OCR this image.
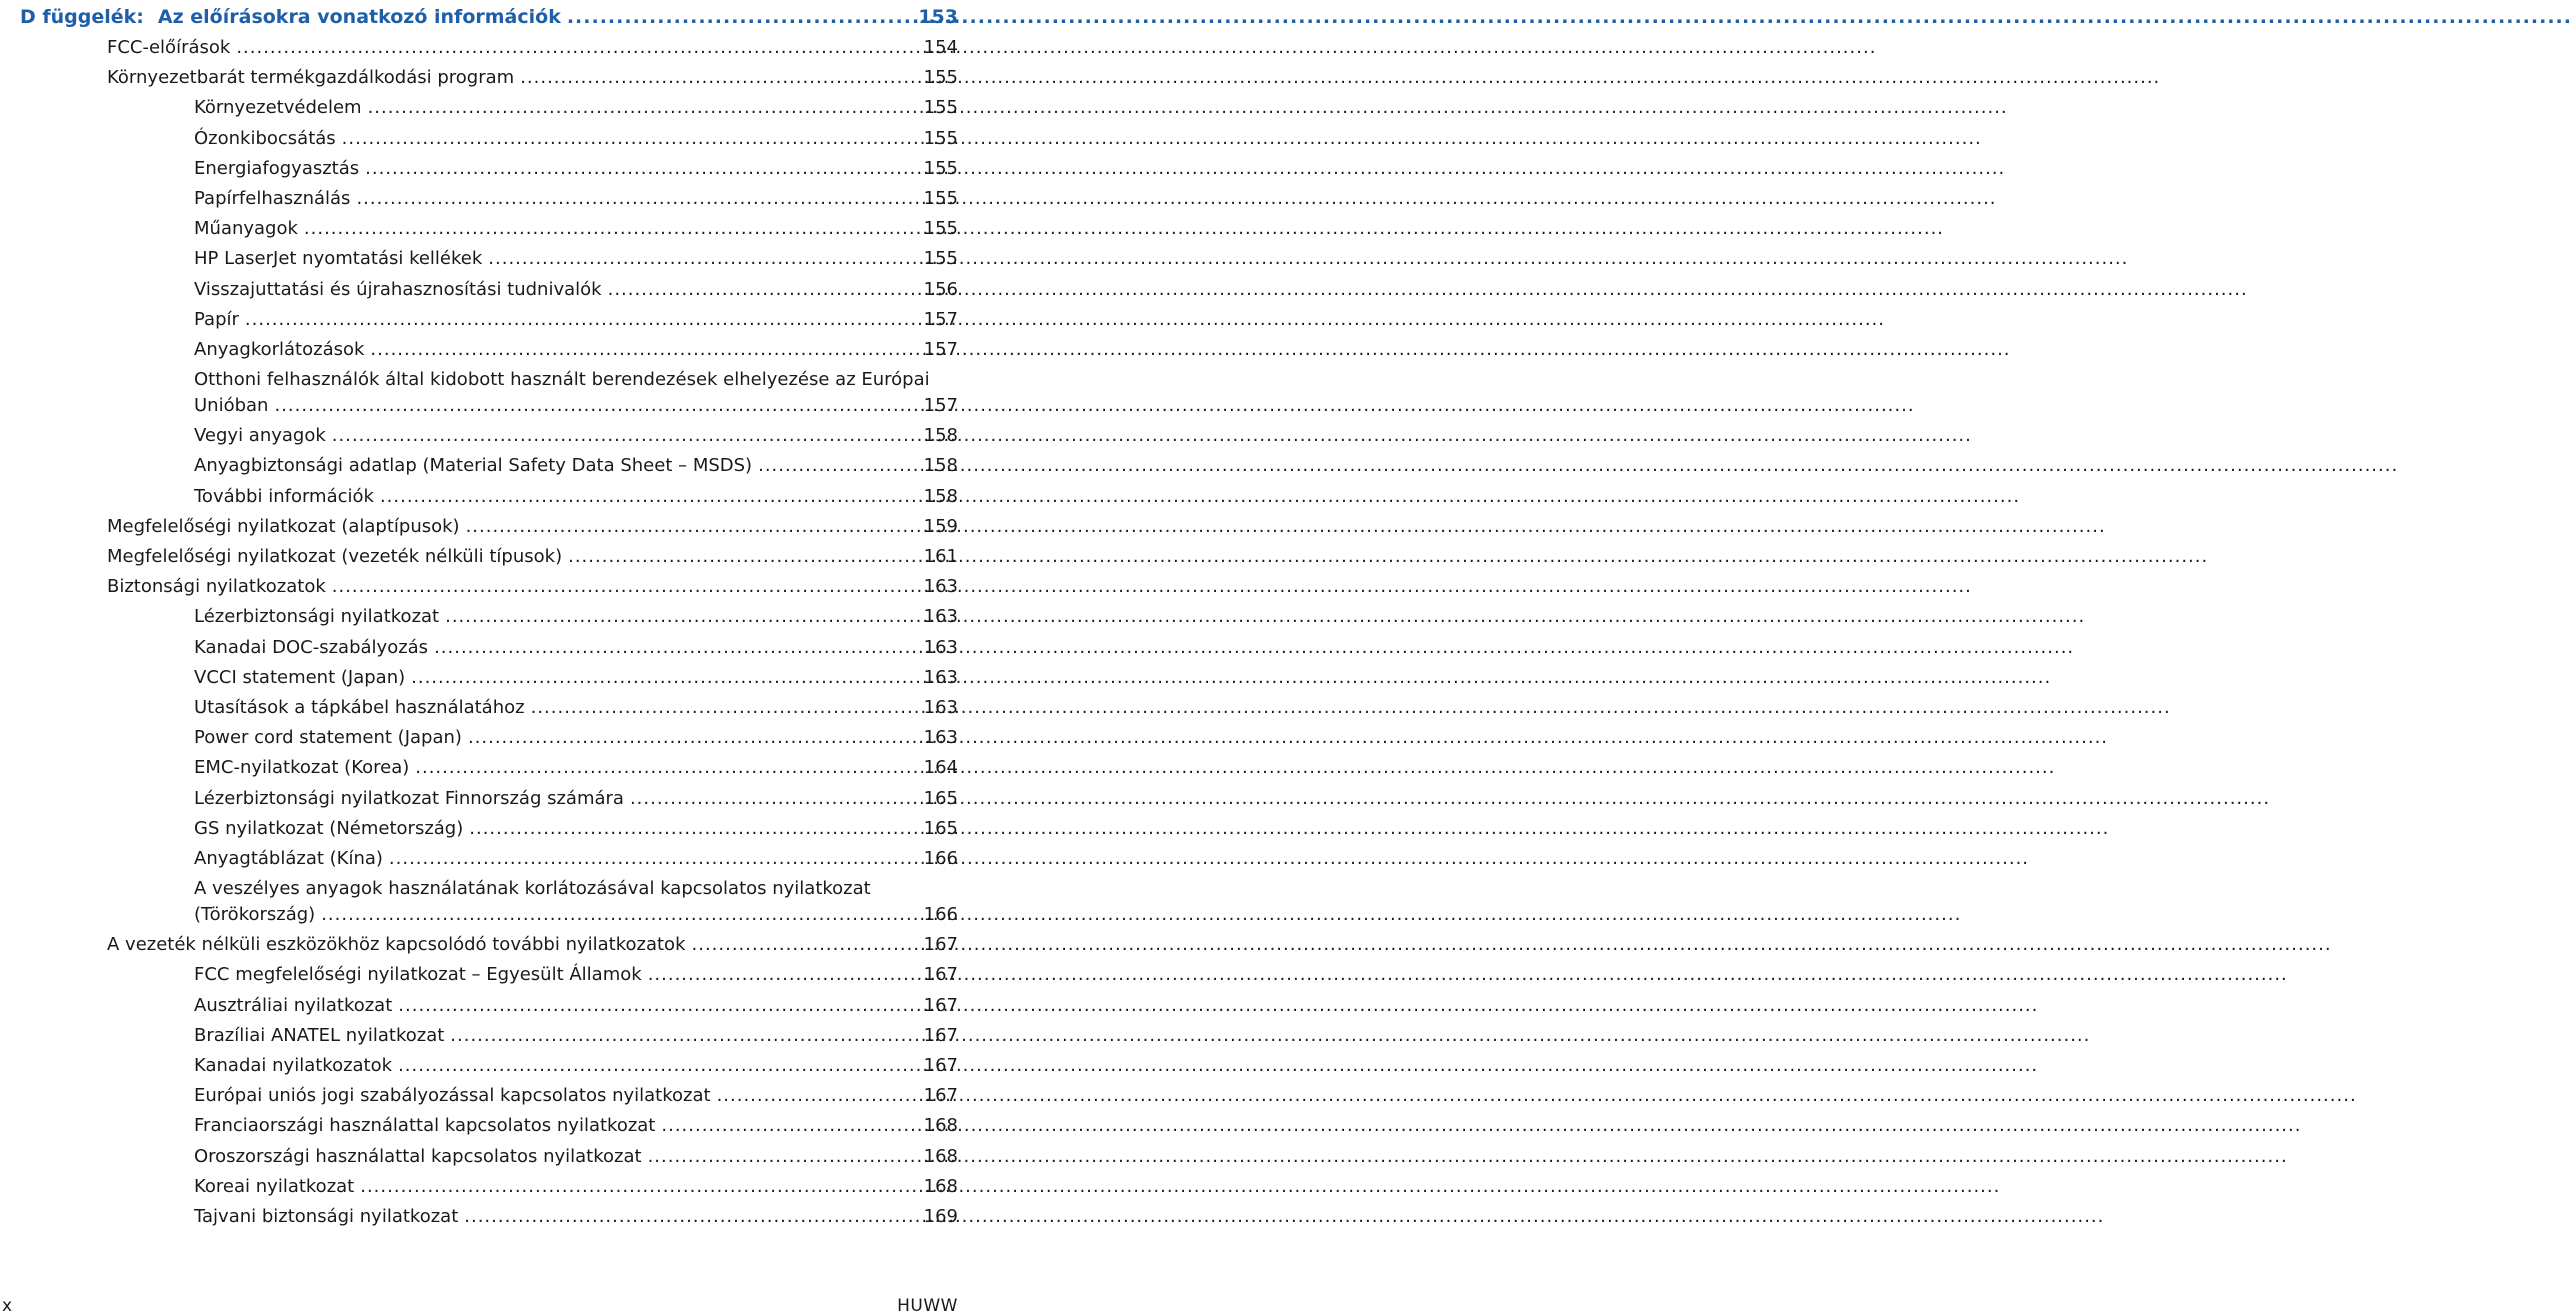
D függelék: Az előírásokra vonatkozó információk .....	153
FCC-előírások .....	154
Környezetbarát termékgazdálkodási program .....	155
Környezetvédelem .....	155
Ózonkibocsátás .....	155
Energiafogyasztás .....	155
Papírfelhasználás .....	155
Műanyagok .....	155
HP LaserJet nyomtatási kellékek .....	155
Visszajuttatási és újrahasznosítási tudnivalók .....	156
Papír .....	157
Anyagkorlátozások .....	157
Otthoni felhasználók által kidobott használt berendezések elhelyezése az Európai
Unióban .....	157
Vegyi anyagok .....	158
Anyagbiztonsági adatlap (Material Safety Data Sheet – MSDS) .....	158
További információk .....	158
Megfelelőségi nyilatkozat (alaptípusok) .....	159
Megfelelőségi nyilatkozat (vezeték nélküli típusok) .....	161
Biztonsági nyilatkozatok .....	163
Lézerbiztonsági nyilatkozat .....	163
Kanadai DOC-szabályozás .....	163
VCCI statement (Japan) .....	163
Utasítások a tápkábel használatához .....	163
Power cord statement (Japan) .....	163
EMC-nyilatkozat (Korea) .....	164
Lézerbiztonsági nyilatkozat Finnország számára .....	165
GS nyilatkozat (Németország) .....	165
Anyagtáblázat (Kína) .....	166
A veszélyes anyagok használatának korlátozásával kapcsolatos nyilatkozat
(Törökország) .....	166
A vezeték nélküli eszközökhöz kapcsolódó további nyilatkozatok .....	167
FCC megfelelőségi nyilatkozat – Egyesült Államok .....	167
Ausztráliai nyilatkozat .....	167
Brazíliai ANATEL nyilatkozat .....	167
Kanadai nyilatkozatok .....	167
Európai uniós jogi szabályozással kapcsolatos nyilatkozat .....	167
Franciaországi használattal kapcsolatos nyilatkozat .....	168
Oroszországi használattal kapcsolatos nyilatkozat .....	168
Koreai nyilatkozat .....	168
Tajvani biztonsági nyilatkozat .....	169
x	HUWW
